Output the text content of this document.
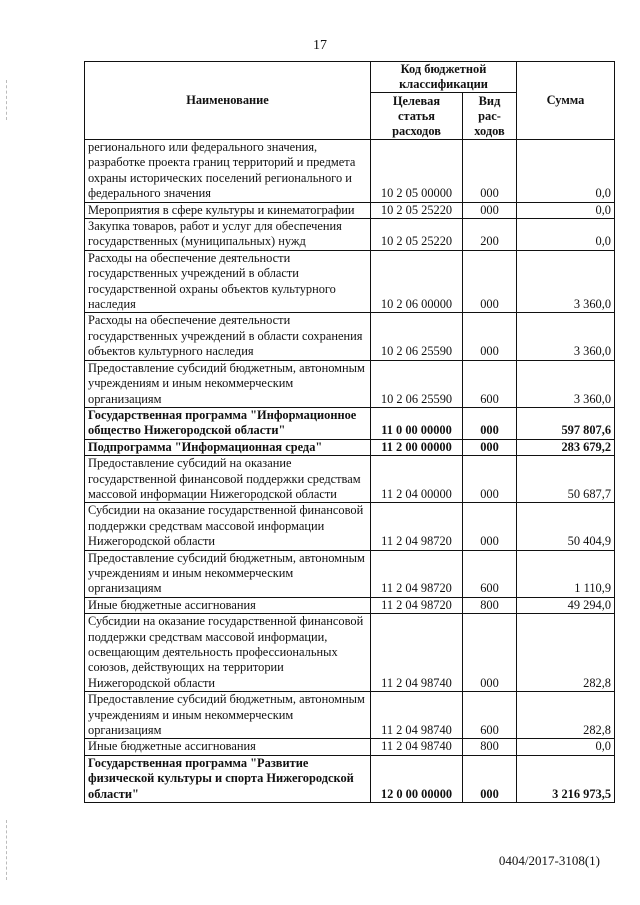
17
Наименование	Код бюджетной классификации		Сумма
	Целевая статья расходов	Вид рас-ходов	
регионального или федерального значения, разработке проекта границ территорий и предмета охраны исторических поселений регионального и федерального значения	10 2 05 00000	000	0,0
Мероприятия в сфере культуры и кинематографии	10 2 05 25220	000	0,0
Закупка товаров, работ и услуг для обеспечения государственных (муниципальных) нужд	10 2 05 25220	200	0,0
Расходы на обеспечение деятельности государственных учреждений в области государственной охраны объектов культурного наследия	10 2 06 00000	000	3 360,0
Расходы на обеспечение деятельности государственных учреждений в области сохранения объектов культурного наследия	10 2 06 25590	000	3 360,0
Предоставление субсидий бюджетным, автономным учреждениям и иным некоммерческим организациям	10 2 06 25590	600	3 360,0
Государственная программа "Информационное общество Нижегородской области"	11 0 00 00000	000	597 807,6
Подпрограмма "Информационная среда"	11 2 00 00000	000	283 679,2
Предоставление субсидий на оказание государственной финансовой поддержки средствам массовой информации Нижегородской области	11 2 04 00000	000	50 687,7
Субсидии на оказание государственной финансовой поддержки средствам массовой информации Нижегородской области	11 2 04 98720	000	50 404,9
Предоставление субсидий бюджетным, автономным учреждениям и иным некоммерческим организациям	11 2 04 98720	600	1 110,9
Иные бюджетные ассигнования	11 2 04 98720	800	49 294,0
Субсидии на оказание государственной финансовой поддержки средствам массовой информации, освещающим деятельность профессиональных союзов, действующих на территории Нижегородской области	11 2 04 98740	000	282,8
Предоставление субсидий бюджетным, автономным учреждениям и иным некоммерческим организациям	11 2 04 98740	600	282,8
Иные бюджетные ассигнования	11 2 04 98740	800	0,0
Государственная программа "Развитие физической культуры и спорта Нижегородской области"	12 0 00 00000	000	3 216 973,5
0404/2017-3108(1)
